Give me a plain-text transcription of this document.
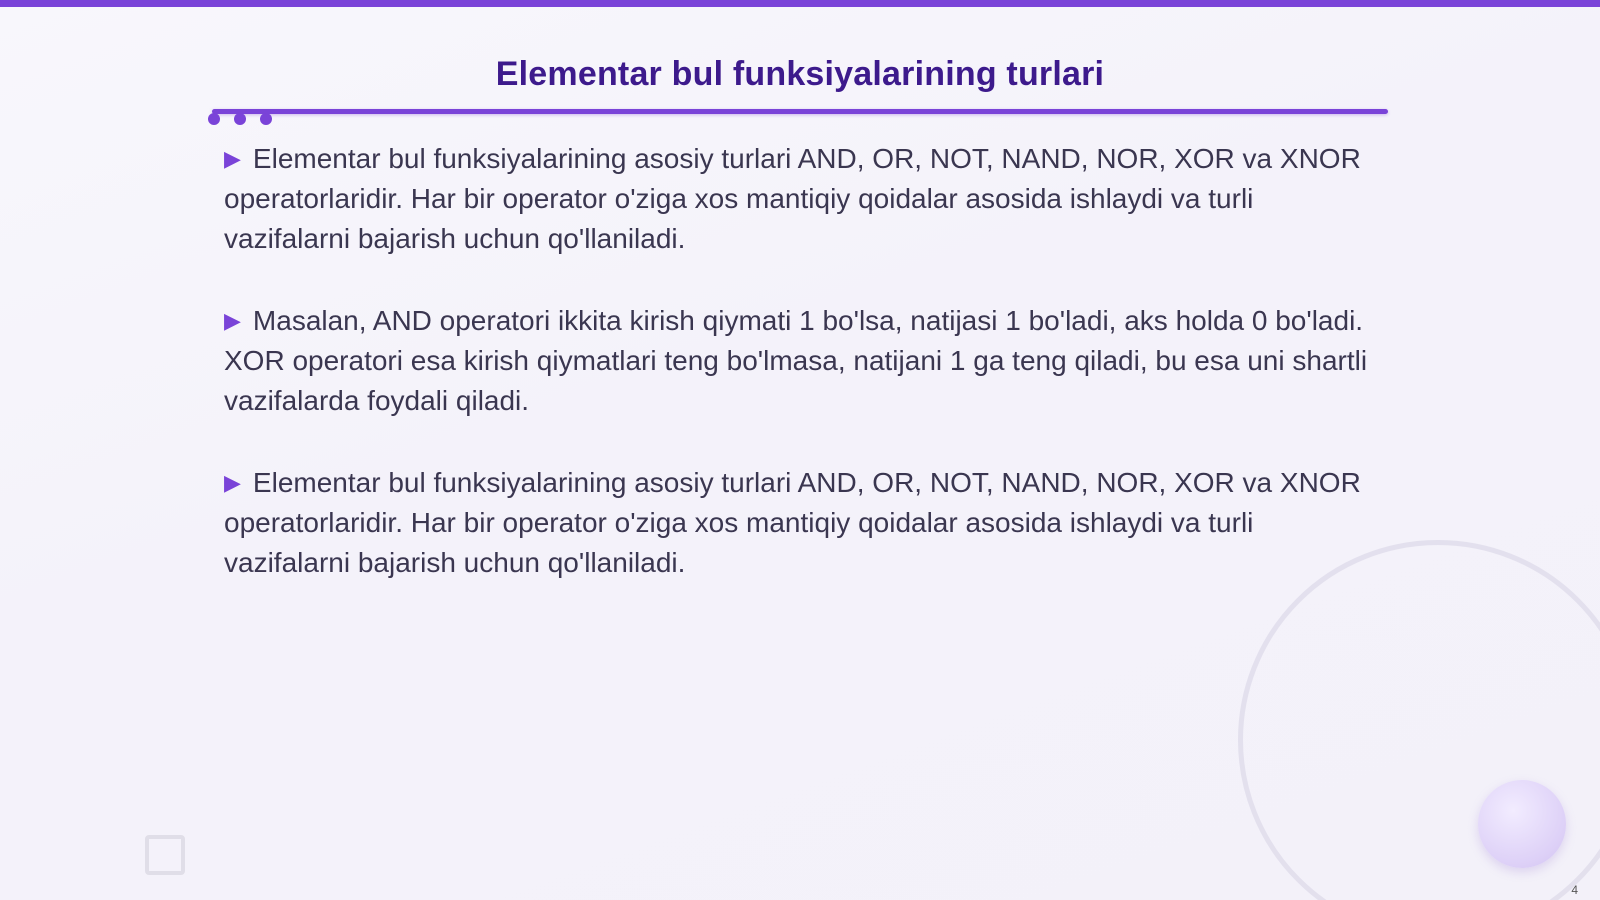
Elementar bul funksiyalarining turlari

▶ Elementar bul funksiyalarining asosiy turlari AND, OR, NOT, NAND, NOR, XOR va XNOR operatorlaridir. Har bir operator o'ziga xos mantiqiy qoidalar asosida ishlaydi va turli vazifalarni bajarish uchun qo'llaniladi.

▶ Masalan, AND operatori ikkita kirish qiymati 1 bo'lsa, natijasi 1 bo'ladi, aks holda 0 bo'ladi. XOR operatori esa kirish qiymatlari teng bo'lmasa, natijani 1 ga teng qiladi, bu esa uni shartli vazifalarda foydali qiladi.

▶ Elementar bul funksiyalarining asosiy turlari AND, OR, NOT, NAND, NOR, XOR va XNOR operatorlaridir. Har bir operator o'ziga xos mantiqiy qoidalar asosida ishlaydi va turli vazifalarni bajarish uchun qo'llaniladi.

4
